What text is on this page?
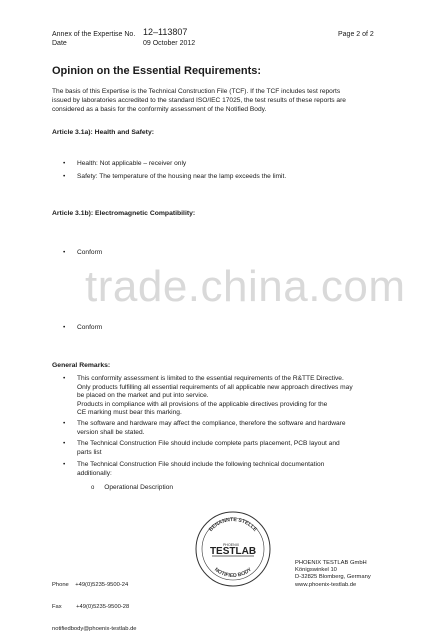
Annex of the Expertise No. 12–113807
Date	09 October 2012
Page 2 of 2
Opinion on the Essential Requirements:
The basis of this Expertise is the Technical Construction File (TCF). If the TCF includes test reports
issued by laboratories accredited to the standard ISO/IEC 17025, the test results of these reports are
considered as a basis for the conformity assessment of the Notified Body.
Article 3.1a): Health and Safety:
• Health: Not applicable – receiver only
• Safety: The temperature of the housing near the lamp exceeds the limit.
Article 3.1b): Electromagnetic Compatibility:
• Conform
trade.china.com
• Conform
General Remarks:
• This conformity assessment is limited to the essential requirements of the R&TTE Directive.
Only products fulfilling all essential requirements of all applicable new approach directives may
be placed on the market and put into service.
Products in compliance with all provisions of the applicable directives providing for the
CE marking must bear this marking.
• The software and hardware may affect the compliance, therefore the software and hardware
version shall be stated.
• The Technical Construction File should include complete parts placement, PCB layout and
parts list
• The Technical Construction File should include the following technical documentation
additionally:
o Operational Description
BENANNTE STELLE
NOTIFIED BODY
PHOENIX
TESTLAB

Phone    +49(0)5235-9500-24

Fax         +49(0)5235-9500-28

notifiedbody@phoenix-testlab.de

PHOENIX TESTLAB GmbH
Königswinkel 10
D-32825 Blomberg, Germany
www.phoenix-testlab.de
